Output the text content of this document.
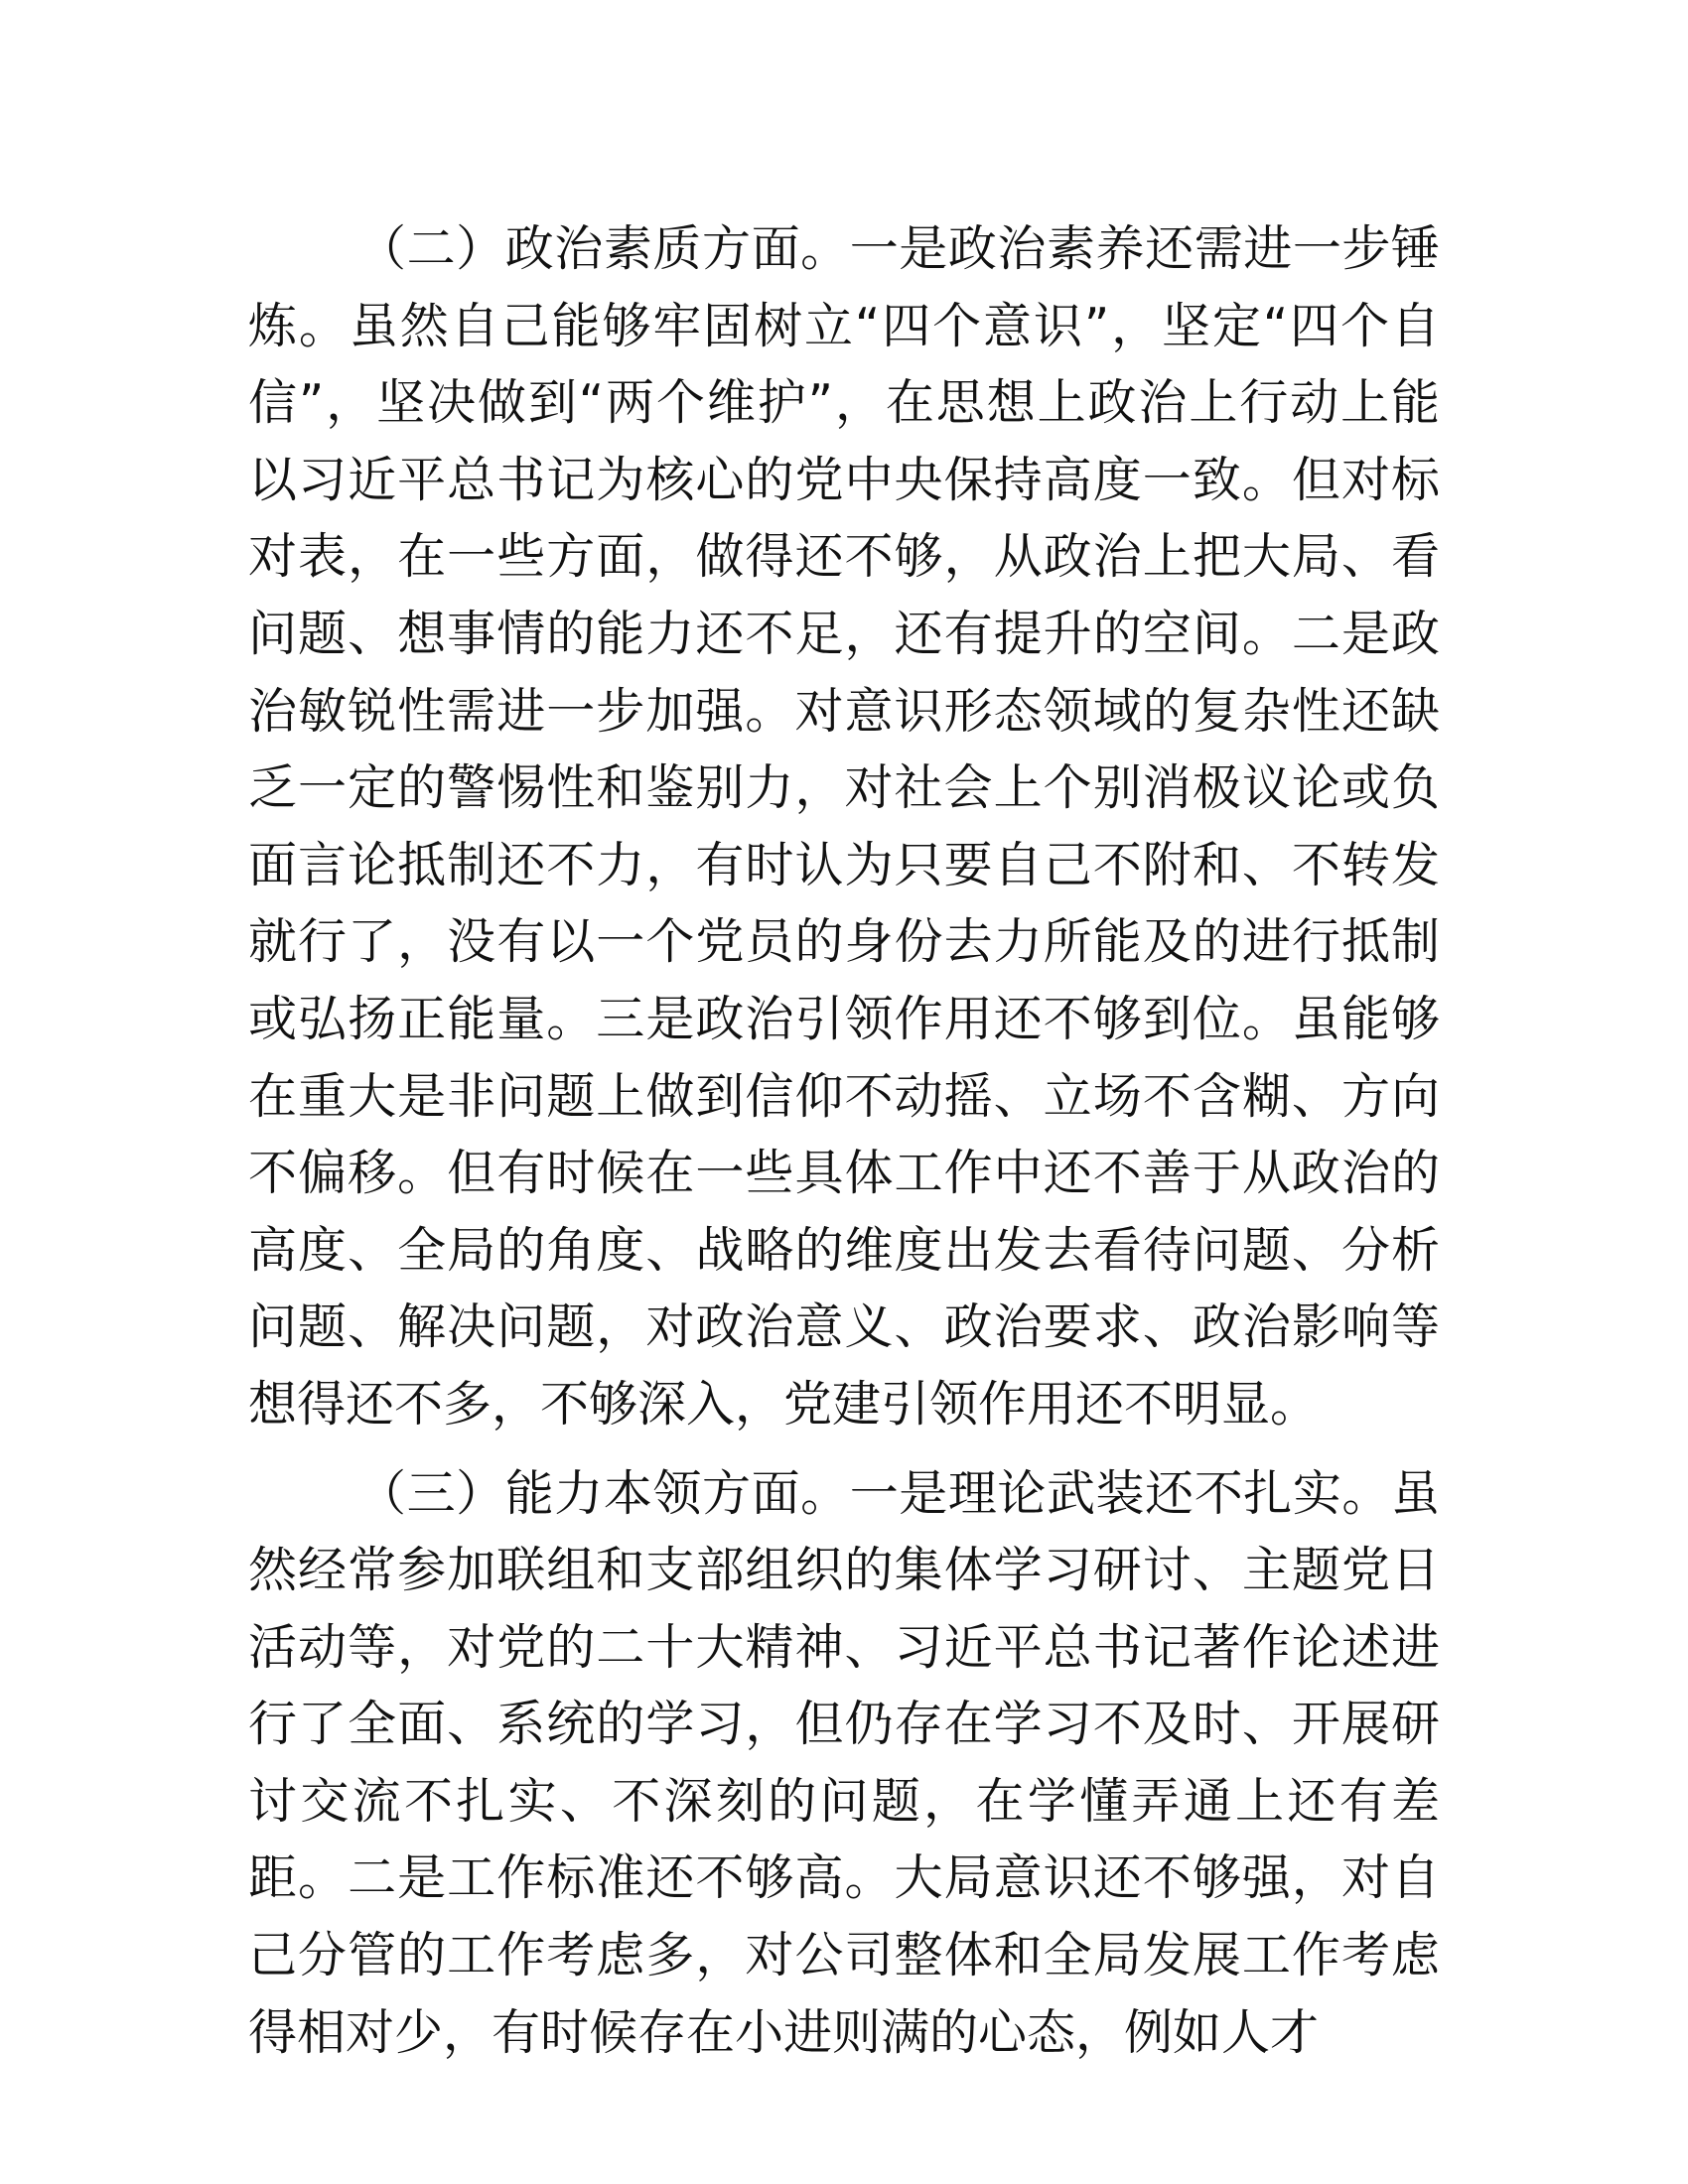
（二）政治素质方面。一是政治素养还需进一步锤炼。虽然自己能够牢固树立“四个意识”，坚定“四个自信”，坚决做到“两个维护”，在思想上政治上行动上能以习近平总书记为核心的党中央保持高度一致。但对标对表，在一些方面，做得还不够，从政治上把大局、看问题、想事情的能力还不足，还有提升的空间。二是政治敏锐性需进一步加强。对意识形态领域的复杂性还缺乏一定的警惕性和鉴别力，对社会上个别消极议论或负面言论抵制还不力，有时认为只要自己不附和、不转发就行了，没有以一个党员的身份去力所能及的进行抵制或弘扬正能量。三是政治引领作用还不够到位。虽能够在重大是非问题上做到信仰不动摇、立场不含糊、方向不偏移。但有时候在一些具体工作中还不善于从政治的高度、全局的角度、战略的维度出发去看待问题、分析问题、解决问题，对政治意义、政治要求、政治影响等想得还不多，不够深入，党建引领作用还不明显。

（三）能力本领方面。一是理论武装还不扎实。虽然经常参加联组和支部组织的集体学习研讨、主题党日活动等，对党的二十大精神、习近平总书记著作论述进行了全面、系统的学习，但仍存在学习不及时、开展研讨交流不扎实、不深刻的问题，在学懂弄通上还有差距。二是工作标准还不够高。大局意识还不够强，对自己分管的工作考虑多，对公司整体和全局发展工作考虑得相对少，有时候存在小进则满的心态，例如人才
